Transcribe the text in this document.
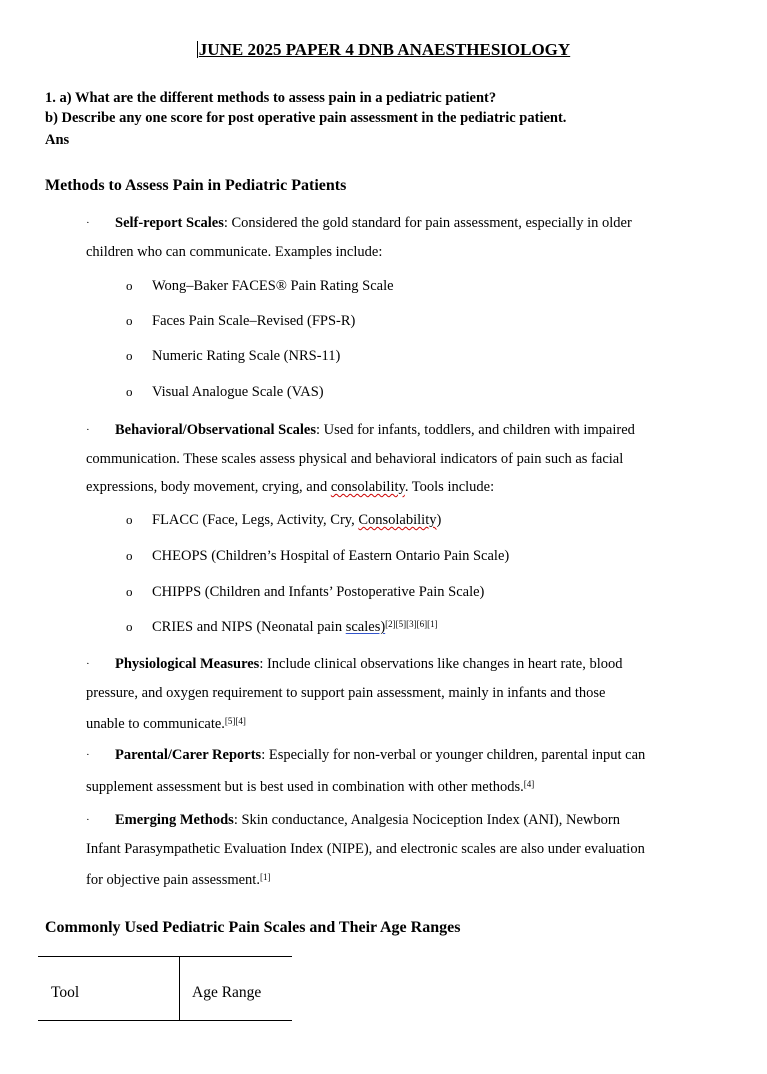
JUNE 2025 PAPER 4 DNB ANAESTHESIOLOGY
1. a) What are the different methods to assess pain in a pediatric patient?
b) Describe any one score for post operative pain assessment in the pediatric patient.
Ans
Methods to Assess Pain in Pediatric Patients
·	Self-report Scales: Considered the gold standard for pain assessment, especially in older
children who can communicate. Examples include:
o Wong–Baker FACES® Pain Rating Scale
o Faces Pain Scale–Revised (FPS-R)
o Numeric Rating Scale (NRS-11)
o Visual Analogue Scale (VAS)
·	Behavioral/Observational Scales: Used for infants, toddlers, and children with impaired
communication. These scales assess physical and behavioral indicators of pain such as facial
expressions, body movement, crying, and consolability. Tools include:
o FLACC (Face, Legs, Activity, Cry, Consolability)
o CHEOPS (Children’s Hospital of Eastern Ontario Pain Scale)
o CHIPPS (Children and Infants’ Postoperative Pain Scale)
o CRIES and NIPS (Neonatal pain scales)[2][5][3][6][1]
·	Physiological Measures: Include clinical observations like changes in heart rate, blood
pressure, and oxygen requirement to support pain assessment, mainly in infants and those
unable to communicate.[5][4]
·	Parental/Carer Reports: Especially for non-verbal or younger children, parental input can
supplement assessment but is best used in combination with other methods.[4]
·	Emerging Methods: Skin conductance, Analgesia Nociception Index (ANI), Newborn
Infant Parasympathetic Evaluation Index (NIPE), and electronic scales are also under evaluation
for objective pain assessment.[1]
Commonly Used Pediatric Pain Scales and Their Age Ranges
Tool	Age Range
